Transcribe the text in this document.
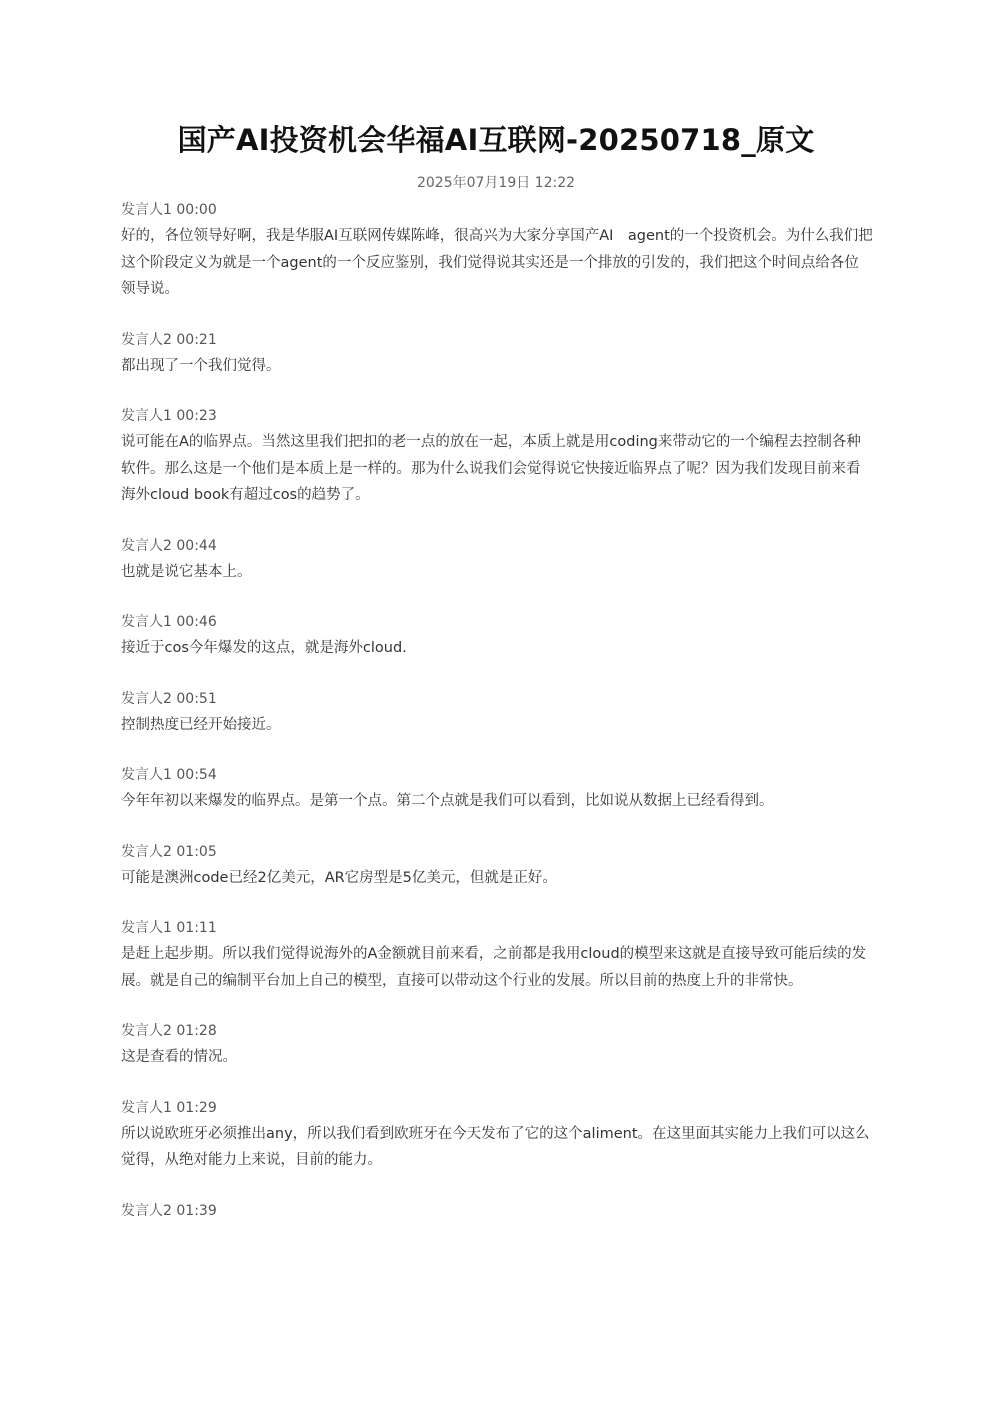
国产AI投资机会华福AI互联网-20250718_原文
2025年07月19日 12:22

发言人1 00:00

好的，各位领导好啊，我是华服AI互联网传媒陈峰，很高兴为大家分享国产AI　agent的一个投资机会。为什么我们把这个阶段定义为就是一个agent的一个反应鉴别，我们觉得说其实还是一个排放的引发的，我们把这个时间点给各位领导说。

发言人2 00:21

都出现了一个我们觉得。

发言人1 00:23

说可能在A的临界点。当然这里我们把扣的老一点的放在一起，本质上就是用coding来带动它的一个编程去控制各种软件。那么这是一个他们是本质上是一样的。那为什么说我们会觉得说它快接近临界点了呢？因为我们发现目前来看海外cloud book有超过cos的趋势了。

发言人2 00:44

也就是说它基本上。

发言人1 00:46

接近于cos今年爆发的这点，就是海外cloud.

发言人2 00:51

控制热度已经开始接近。

发言人1 00:54

今年年初以来爆发的临界点。是第一个点。第二个点就是我们可以看到，比如说从数据上已经看得到。

发言人2 01:05

可能是澳洲code已经2亿美元，AR它房型是5亿美元，但就是正好。

发言人1 01:11

是赶上起步期。所以我们觉得说海外的A金额就目前来看，之前都是我用cloud的模型来这就是直接导致可能后续的发展。就是自己的编制平台加上自己的模型，直接可以带动这个行业的发展。所以目前的热度上升的非常快。

发言人2 01:28

这是查看的情况。

发言人1 01:29

所以说欧班牙必须推出any，所以我们看到欧班牙在今天发布了它的这个aliment。在这里面其实能力上我们可以这么觉得，从绝对能力上来说，目前的能力。

发言人2 01:39
